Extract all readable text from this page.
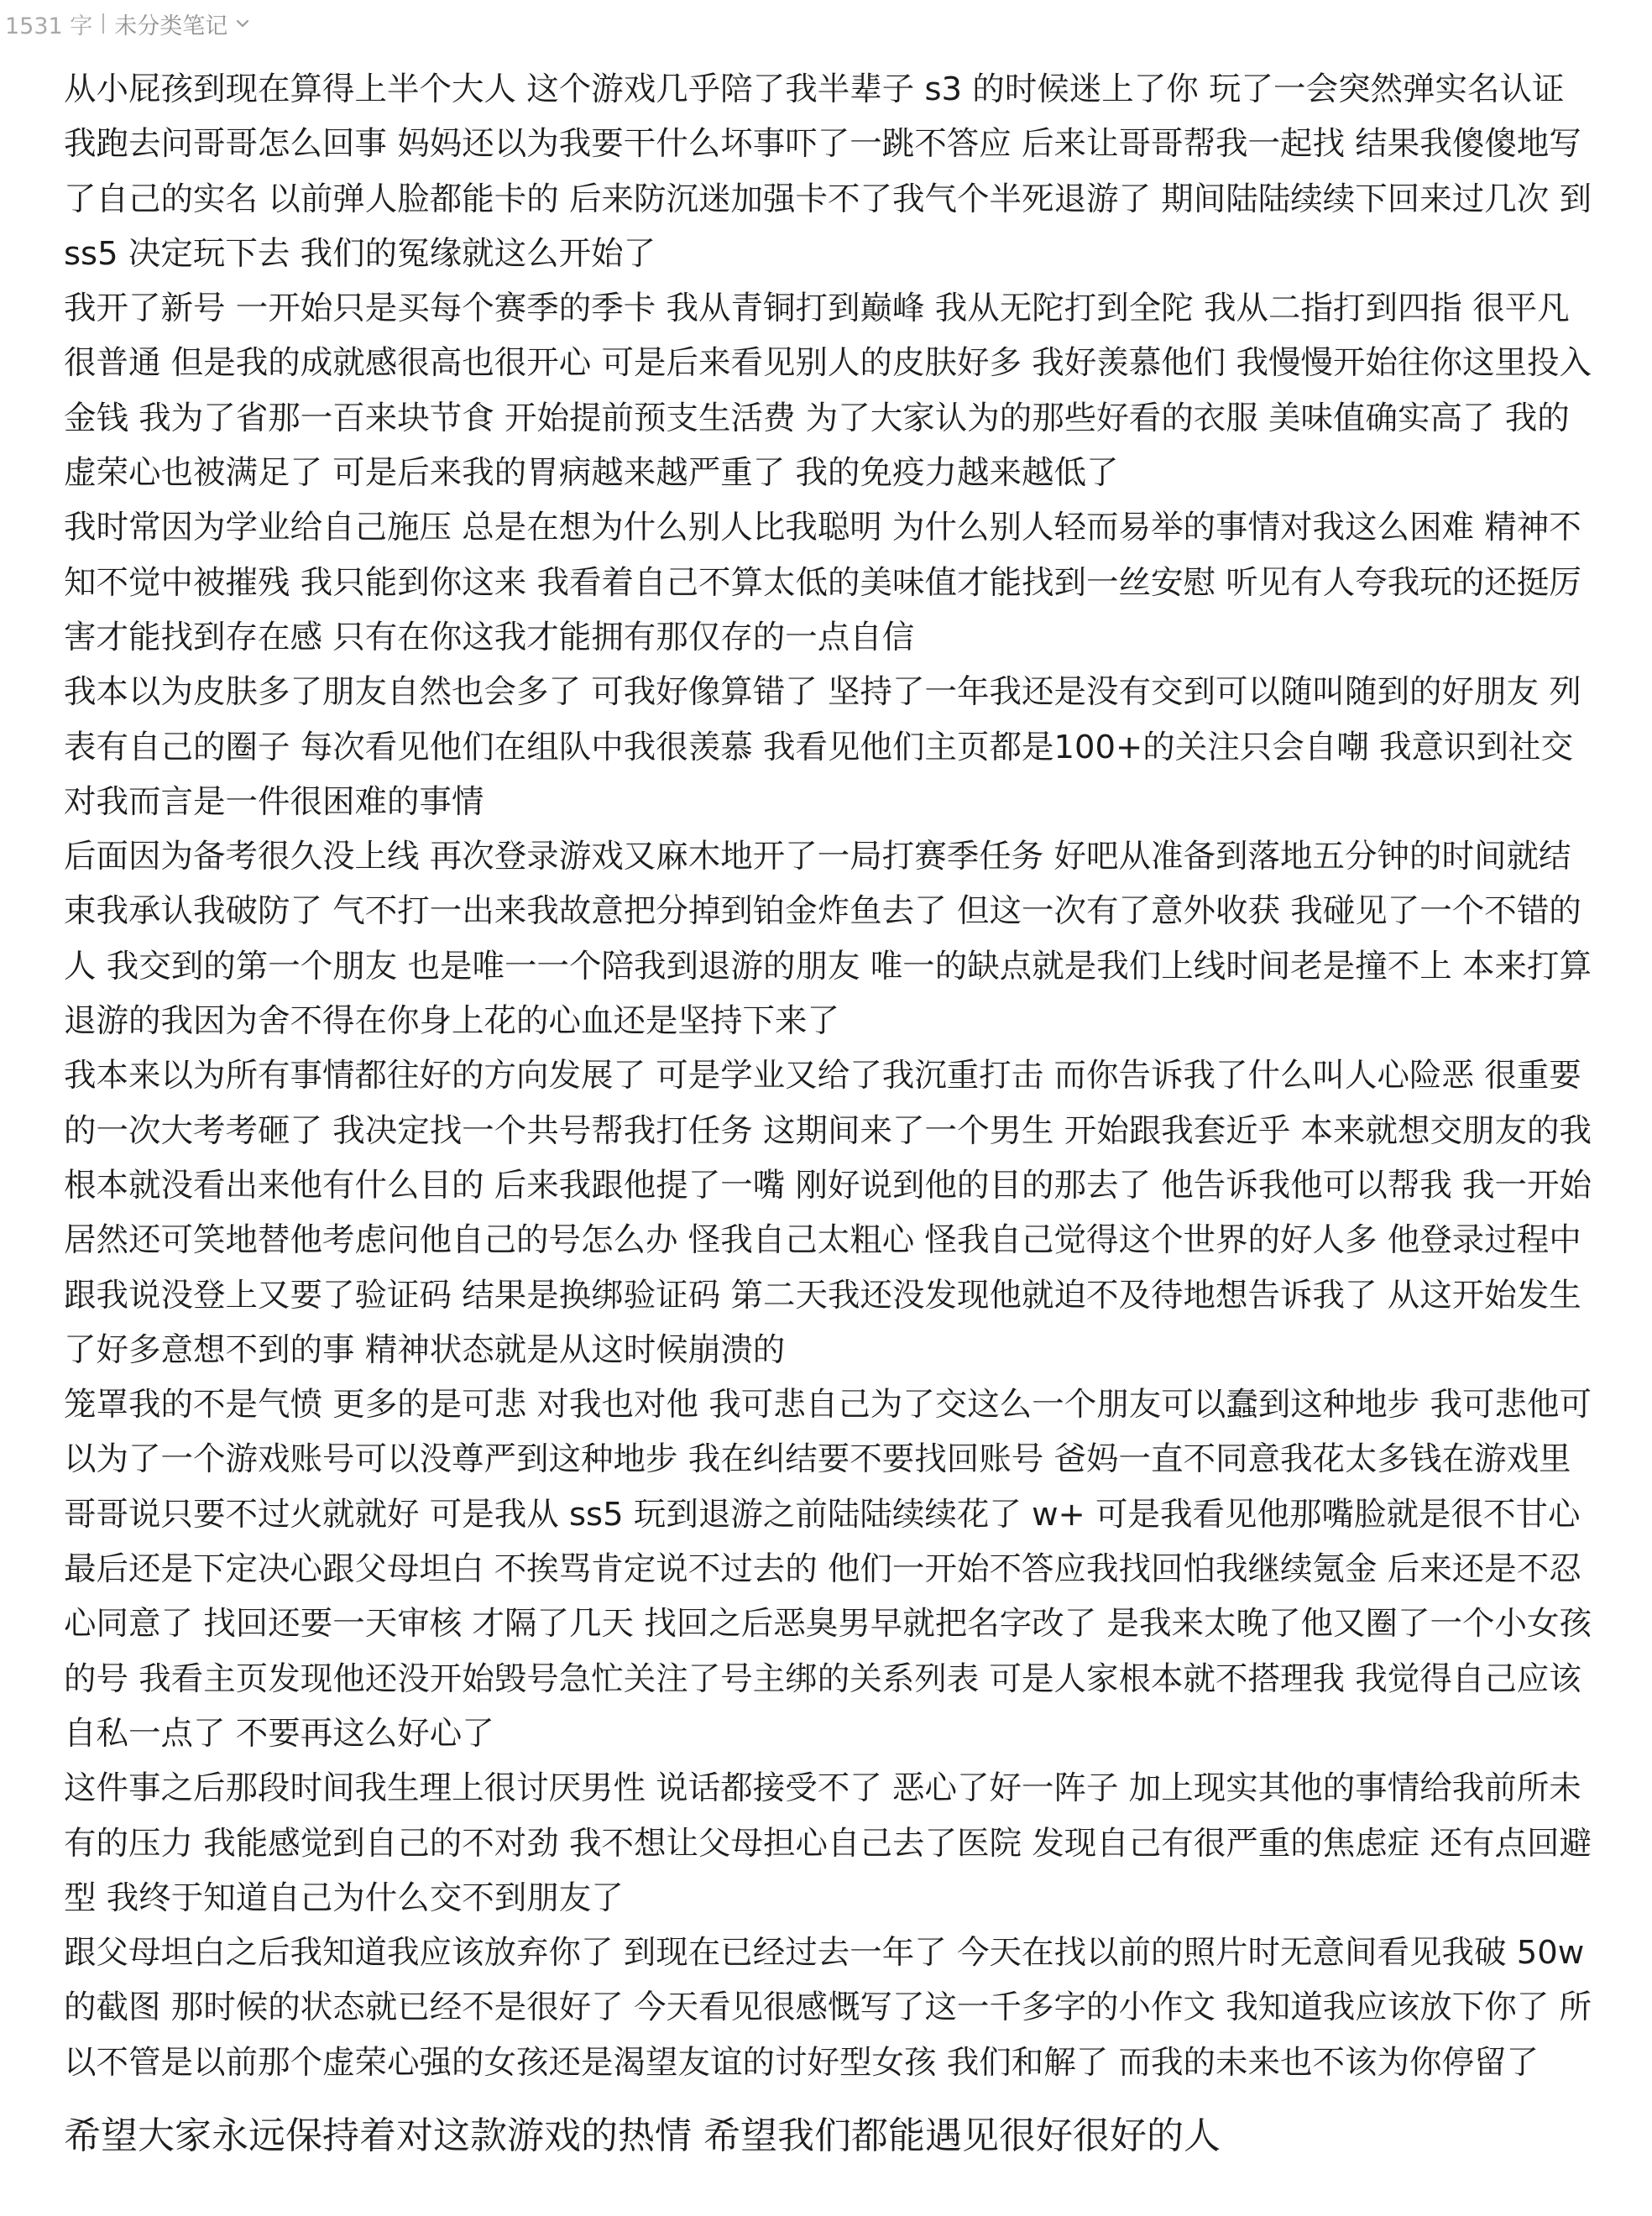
1531 字 未分类笔记

从小屁孩到现在算得上半个大人 这个游戏几乎陪了我半辈子 s3 的时候迷上了你 玩了一会突然弹实名认证 我跑去问哥哥怎么回事 妈妈还以为我要干什么坏事吓了一跳不答应 后来让哥哥帮我一起找 结果我傻傻地写了自己的实名 以前弹人脸都能卡的 后来防沉迷加强卡不了我气个半死退游了 期间陆陆续续下回来过几次 到 ss5 决定玩下去 我们的冤缘就这么开始了

我开了新号 一开始只是买每个赛季的季卡 我从青铜打到巅峰 我从无陀打到全陀 我从二指打到四指 很平凡很普通 但是我的成就感很高也很开心 可是后来看见别人的皮肤好多 我好羡慕他们 我慢慢开始往你这里投入金钱 我为了省那一百来块节食 开始提前预支生活费 为了大家认为的那些好看的衣服 美味值确实高了 我的虚荣心也被满足了 可是后来我的胃病越来越严重了 我的免疫力越来越低了

我时常因为学业给自己施压 总是在想为什么别人比我聪明 为什么别人轻而易举的事情对我这么困难 精神不知不觉中被摧残 我只能到你这来 我看着自己不算太低的美味值才能找到一丝安慰 听见有人夸我玩的还挺厉害才能找到存在感 只有在你这我才能拥有那仅存的一点自信

我本以为皮肤多了朋友自然也会多了 可我好像算错了 坚持了一年我还是没有交到可以随叫随到的好朋友 列表有自己的圈子 每次看见他们在组队中我很羡慕 我看见他们主页都是100+的关注只会自嘲 我意识到社交对我而言是一件很困难的事情

后面因为备考很久没上线 再次登录游戏又麻木地开了一局打赛季任务 好吧从准备到落地五分钟的时间就结束我承认我破防了 气不打一出来我故意把分掉到铂金炸鱼去了 但这一次有了意外收获 我碰见了一个不错的人 我交到的第一个朋友 也是唯一一个陪我到退游的朋友 唯一的缺点就是我们上线时间老是撞不上 本来打算退游的我因为舍不得在你身上花的心血还是坚持下来了

我本来以为所有事情都往好的方向发展了 可是学业又给了我沉重打击 而你告诉我了什么叫人心险恶 很重要的一次大考考砸了 我决定找一个共号帮我打任务 这期间来了一个男生 开始跟我套近乎 本来就想交朋友的我根本就没看出来他有什么目的 后来我跟他提了一嘴 刚好说到他的目的那去了 他告诉我他可以帮我 我一开始居然还可笑地替他考虑问他自己的号怎么办 怪我自己太粗心 怪我自己觉得这个世界的好人多 他登录过程中跟我说没登上又要了验证码 结果是换绑验证码 第二天我还没发现他就迫不及待地想告诉我了 从这开始发生了好多意想不到的事 精神状态就是从这时候崩溃的

笼罩我的不是气愤 更多的是可悲 对我也对他 我可悲自己为了交这么一个朋友可以蠢到这种地步 我可悲他可以为了一个游戏账号可以没尊严到这种地步 我在纠结要不要找回账号 爸妈一直不同意我花太多钱在游戏里 哥哥说只要不过火就就好 可是我从 ss5 玩到退游之前陆陆续续花了 w+ 可是我看见他那嘴脸就是很不甘心 最后还是下定决心跟父母坦白 不挨骂肯定说不过去的 他们一开始不答应我找回怕我继续氪金 后来还是不忍心同意了 找回还要一天审核 才隔了几天 找回之后恶臭男早就把名字改了 是我来太晚了他又圈了一个小女孩的号 我看主页发现他还没开始毁号急忙关注了号主绑的关系列表 可是人家根本就不搭理我 我觉得自己应该自私一点了 不要再这么好心了

这件事之后那段时间我生理上很讨厌男性 说话都接受不了 恶心了好一阵子 加上现实其他的事情给我前所未有的压力 我能感觉到自己的不对劲 我不想让父母担心自己去了医院 发现自己有很严重的焦虑症 还有点回避型 我终于知道自己为什么交不到朋友了

跟父母坦白之后我知道我应该放弃你了 到现在已经过去一年了 今天在找以前的照片时无意间看见我破 50w 的截图 那时候的状态就已经不是很好了 今天看见很感慨写了这一千多字的小作文 我知道我应该放下你了 所以不管是以前那个虚荣心强的女孩还是渴望友谊的讨好型女孩 我们和解了 而我的未来也不该为你停留了

希望大家永远保持着对这款游戏的热情 希望我们都能遇见很好很好的人
